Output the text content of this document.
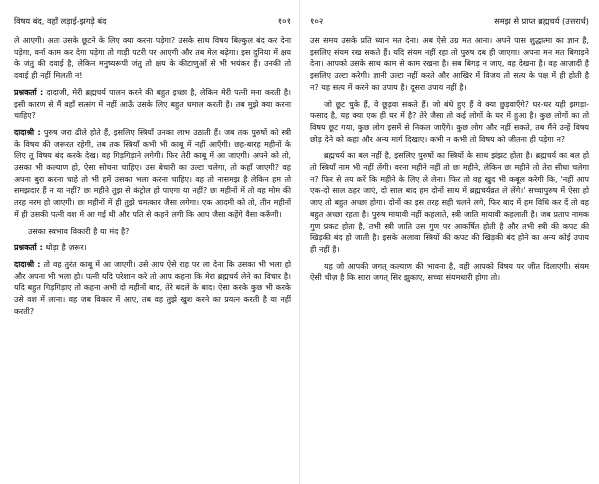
विषय बंद, वहाँ लड़ाई-झगड़े बंद	१०१

ले आएगी। अतः उसके छूटने के लिए क्या करना पड़ेगा? उसके साथ विषय बिल्कुल बंद कर देना पड़ेगा, वर्ना काम कर देगा पड़ेगा तो गाड़ी पटरी पर आएगी और तब मेल बढ़ेगा। इस दुनिया में क्षय के जंतु की दवाई है, लेकिन मनुष्यरूपी जंतु तो क्षय के कीटाणुओं से भी भयंकर हैं। उनकी तो दवाई ही नहीं मिलती न!

प्रश्नकर्ता : दादाजी, मेरी ब्रह्मचर्य पालन करने की बहुत इच्छा है, लेकिन मेरी पत्नी मना करती है। इसी कारण से मैं वहाँ सत्संग में नहीं आऊँ उसके लिए बहुत धमाल करती है। तब मुझे क्या करना चाहिए?

दादाश्री : पुरुष जरा ढीले होते हैं, इसलिए स्त्रियाँ उनका लाभ उठाती हैं। जब तक पुरुषों को स्त्री के विषय की जरूरत रहेगी, तब तक स्त्रियाँ कभी भी काबू में नहीं आएँगी। छह-बारह महीनों के लिए तू विषय बंद करके देख। वह गिड़गिड़ाने लगेगी। फिर तेरी काबू में आ जाएगी। अपने को तो, उसका भी कल्याण हो, ऐसा सोचना चाहिए। उस बेचारी का उल्टा चलेगा, तो कहाँ जाएगी? वह अपना बुरा करना चाहे तो भी हमें उसका भला करना चाहिए। वह तो नासमझ है लेकिन हम तो समझदार हैं न या नहीं? छः महीने तुझ से कंट्रोल हो पाएगा या नहीं? छः महीनों में तो वह मोम की तरह नरम हो जाएगी। छः महीनों में ही तुझे चमत्कार जैसा लगेगा। एक आदमी को तो, तीन महीनों में ही उसकी पत्नी वश में आ गई थी और पति से कहने लगी कि आप जैसा कहेंगे वैसा करूँगी।

उसका स्वभाव विकारी है या मंद है?

प्रश्नकर्ता : थोड़ा है ज़रूर।

दादाश्री : तो वह तुरंत काबू में आ जाएगी। उसे आप ऐसे राह पर ला देना कि उसका भी भला हो और अपना भी भला हो। पत्नी यदि परेशान करे तो आप कहना कि मेरा ब्रह्मचर्य लेने का विचार है। यदि बहुत गिड़गिड़ाए तो कहना अभी दो महीनों बाद, तेरे बदले के बाद। ऐसा करके कुछ भी करके उसे वश में लाना। वह जब विकार में आए, तब वह तुझे खुश करने का प्रयत्न करती है या नहीं करती?

१०२	समझ से प्राप्त ब्रह्मचर्य (उत्तरार्ध)

उस समय उसके प्रति ध्यान मत देना। अब ऐसे उग्र मत आना। अपने पास शुद्धात्मा का ज्ञान है, इसलिए संयम रख सकते हैं। यदि संयम नहीं रहा तो पुरुष दब ही जाएगा। अपना मन मत बिगाड़ने देना। आपको उसके साथ काम से काम रखना है। सब बिगड़ न जाए, वह देखना है। वह आज़ादी है इसलिए उल्टा करेगी। ज्ञानी उल्टा नहीं करते और आखिर में विजय तो सत्य के पक्ष में ही होती है न? यह सत्य में करने का उपाय है। दूसरा उपाय नहीं है।

जो छूट चुके हैं, वे छूड़वा सकते हैं। जो बंधे हुए हैं वे क्या छुड़वाएँगे? घर-घर यही झगड़ा-फसाद है, यह क्या एक ही घर में है? तेरे जैसा तो कई लोगों के घर में हुआ है। कुछ लोगों का तो विषय छूट गया, कुछ लोग इसमें से निकल जाएँगे। कुछ लोग और नहीं सकते, तब मैंने उन्हें विषय छोड़ देने को कहा और अन्य मार्ग दिखाए। कभी न कभी तो विषय को जीतना ही पड़ेगा न?

ब्रह्मचर्य का बल नहीं है, इसलिए पुरुषों का स्त्रियों के साथ झंझट होता है। ब्रह्मचर्य का बल हो तो स्त्रियाँ नाम भी नहीं लेंगी। वरना महीने नहीं तो छः महीने, लेकिन छः महीने तो तेरा सीधा चलेगा न? फिर से तय करें कि महीने के लिए ले लेना। फिर तो वह खुद भी कबूल करेगी कि, 'नहीं आप एक-दो साल ठहर जाएं, दो साल बाद हम दोनों साथ में ब्रह्मचर्यव्रत ले लेंगे।' सच्चापुरुष में ऐसा हो जाए तो बहुत अच्छा होगा। दोनों का इस तरह सही चलने लगे, फिर बाद में हम विधि कर दें तो वह बहुत अच्छा रहता है। पुरुष मायावी नहीं कहलाते, स्त्री जाति मायावी कहलाती है। जब प्रताप नामक गुण प्रकट होता है, तभी स्त्री जाति उस गुण पर आकर्षित होती है और तभी स्त्री की कपट की खिड़की बंद हो जाती है। इसके अलावा स्त्रियों की कपट की खिड़की बंद होने का अन्य कोई उपाय ही नहीं है।

यह जो आपकी जगत् कल्याण की भावना है, वही आपको विषय पर जीत दिलाएगी। संयम ऐसी चीज़ है कि सारा जगत् सिर झुकाए, सच्चा संयमधारी होगा तो।
